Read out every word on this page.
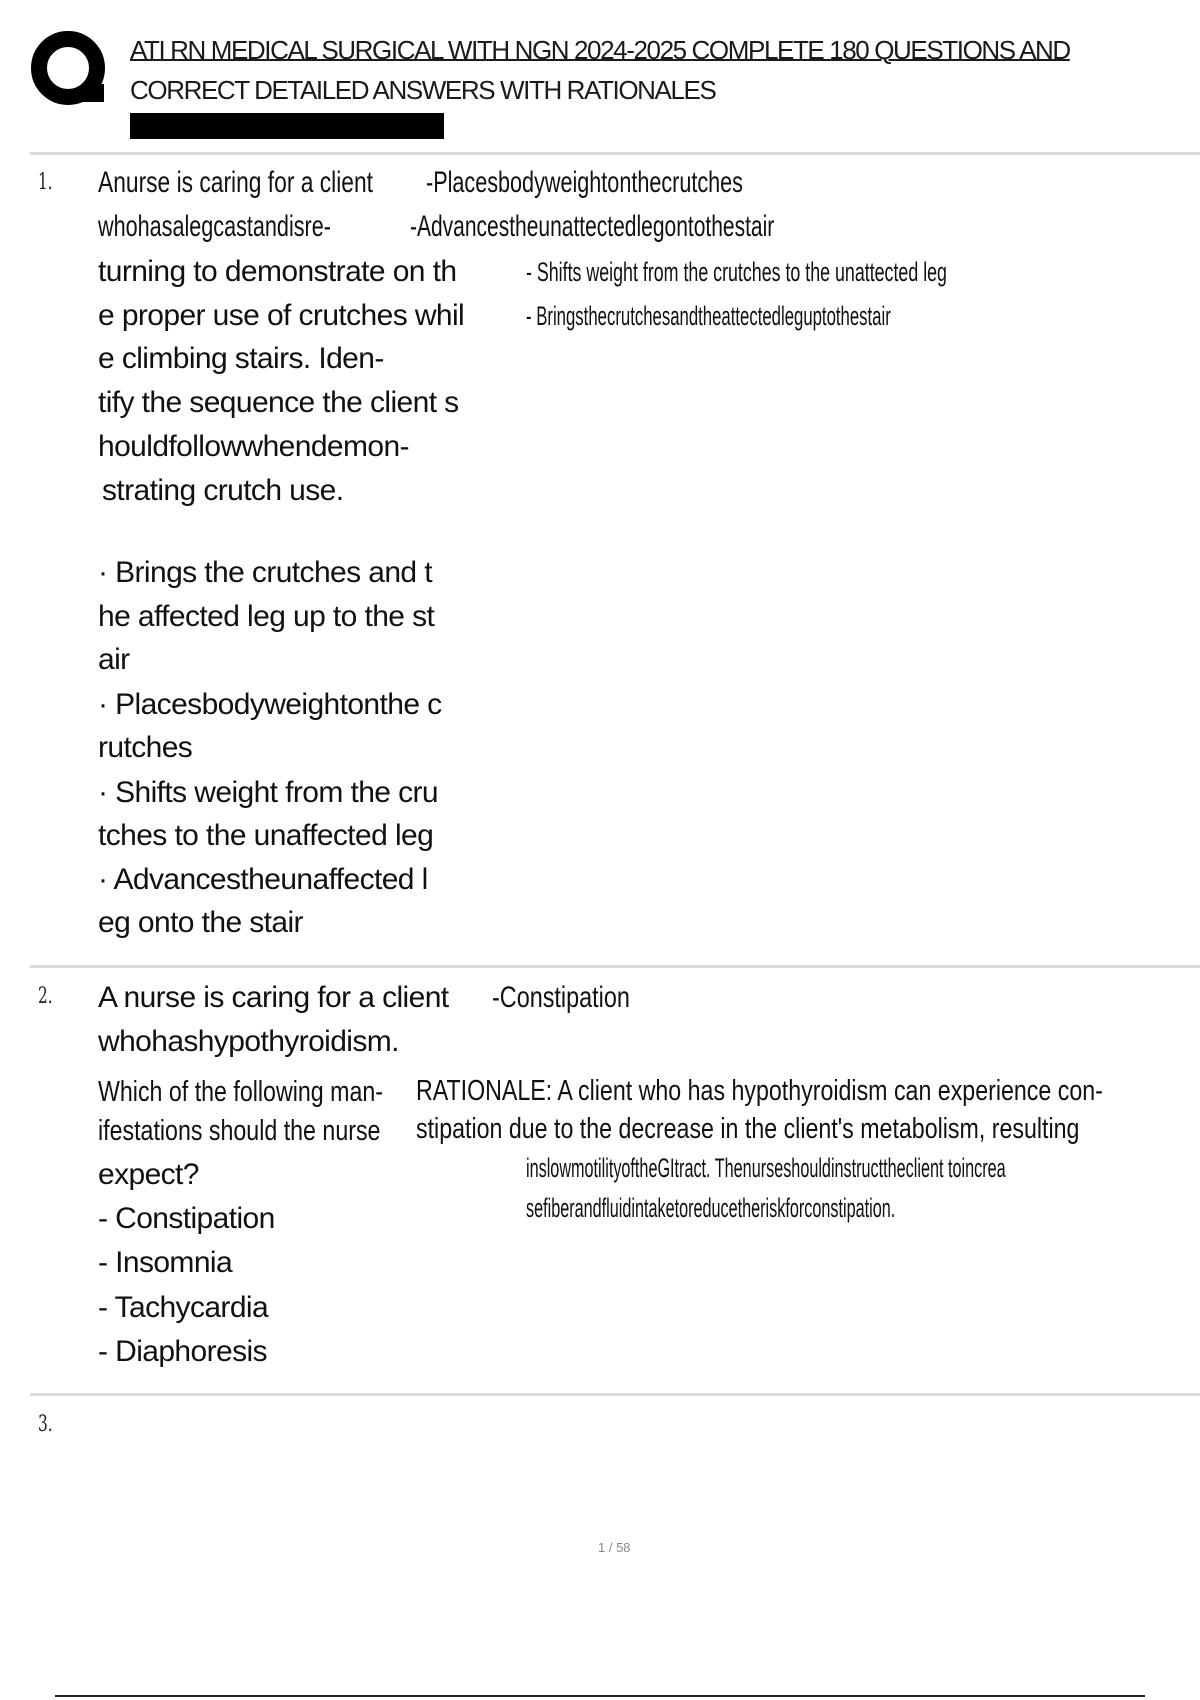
ATI RN MEDICAL SURGICAL WITH NGN 2024-2025 COMPLETE 180 QUESTIONS AND
CORRECT DETAILED ANSWERS WITH RATIONALES
1. Anurse is caring for a client
whohasalegcastandisre-
turning to demonstrate on th
e proper use of crutches whil
e climbing stairs. Iden-
tify the sequence the client s
houldfollowwhendemon-
strating crutch use.
· Brings the crutches and t
he affected leg up to the st
air
· Placesbodyweightonthe c
rutches
· Shifts weight from the cru
tches to the unaffected leg
· Advancestheunaffected l
eg onto the stair
-Placesbodyweightonthecrutches
-Advancestheunattectedlegontothestair
- Shifts weight from the crutches to the unattected leg
- Bringsthecrutchesandtheattectedleguptothestair
2. A nurse is caring for a client
whohashypothyroidism.
Which of the following man-
ifestations should the nurse
expect?
- Constipation
- Insomnia
- Tachycardia
- Diaphoresis
-Constipation
RATIONALE: A client who has hypothyroidism can experience con-
stipation due to the decrease in the client's metabolism, resulting
inslowmotilityoftheGItract. Thenurseshouldinstructtheclient toincrea
sefiberandfluidintaketoreducetheriskforconstipation.
3.
1 / 58
